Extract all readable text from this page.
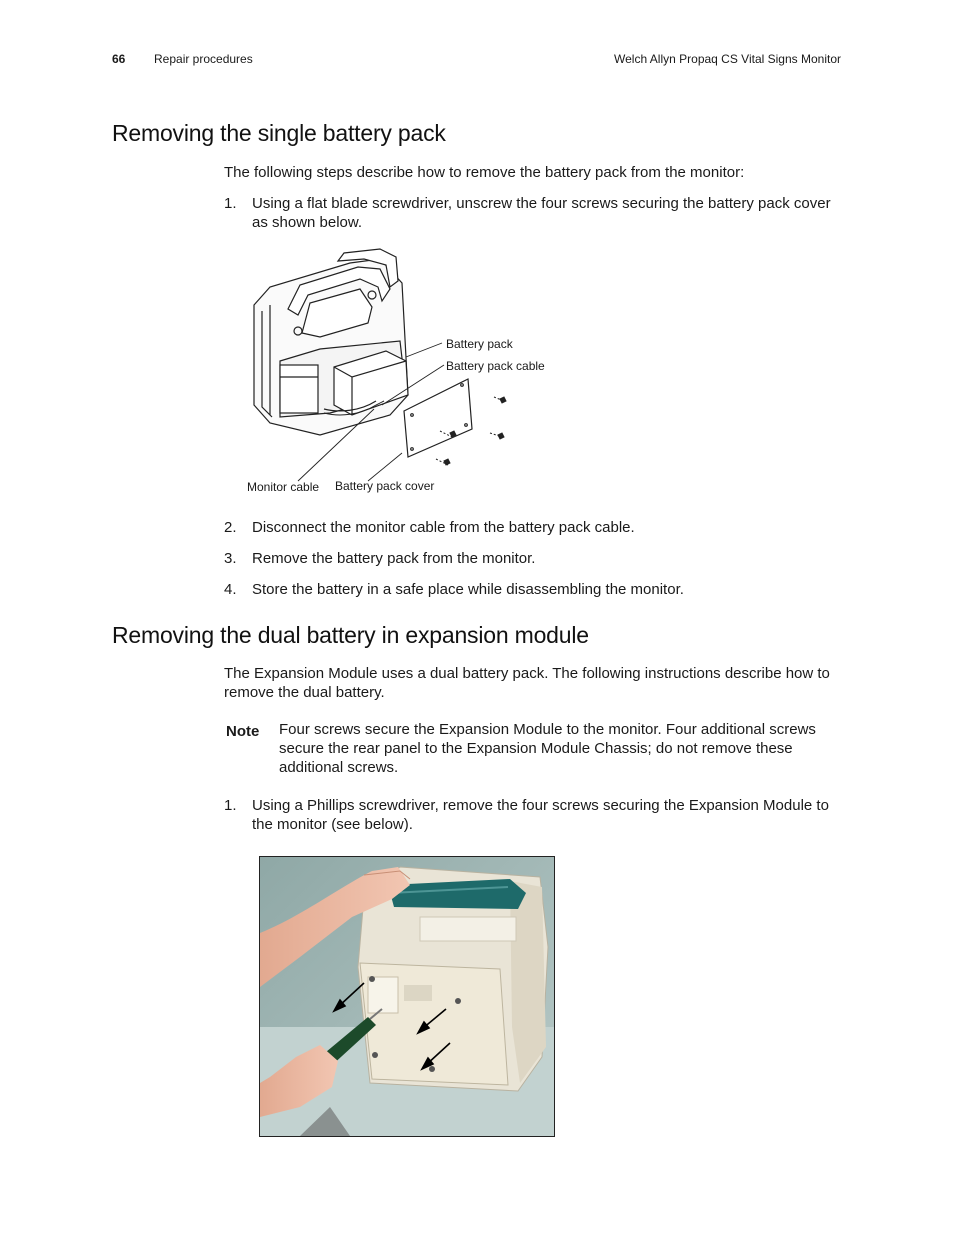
66 Repair procedures	Welch Allyn Propaq CS Vital Signs Monitor
Removing the single battery pack

The following steps describe how to remove the battery pack from the monitor:

1. Using a flat blade screwdriver, unscrew the four screws securing the battery pack cover as shown below.
Battery pack
Battery pack cable
Monitor cable Battery pack cover
2. Disconnect the monitor cable from the battery pack cable.
3. Remove the battery pack from the monitor.
4. Store the battery in a safe place while disassembling the monitor.
Removing the dual battery in expansion module

The Expansion Module uses a dual battery pack. The following instructions describe how to remove the dual battery.

Note Four screws secure the Expansion Module to the monitor. Four additional screws secure the rear panel to the Expansion Module Chassis; do not remove these additional screws.
1. Using a Phillips screwdriver, remove the four screws securing the Expansion Module to the monitor (see below).
